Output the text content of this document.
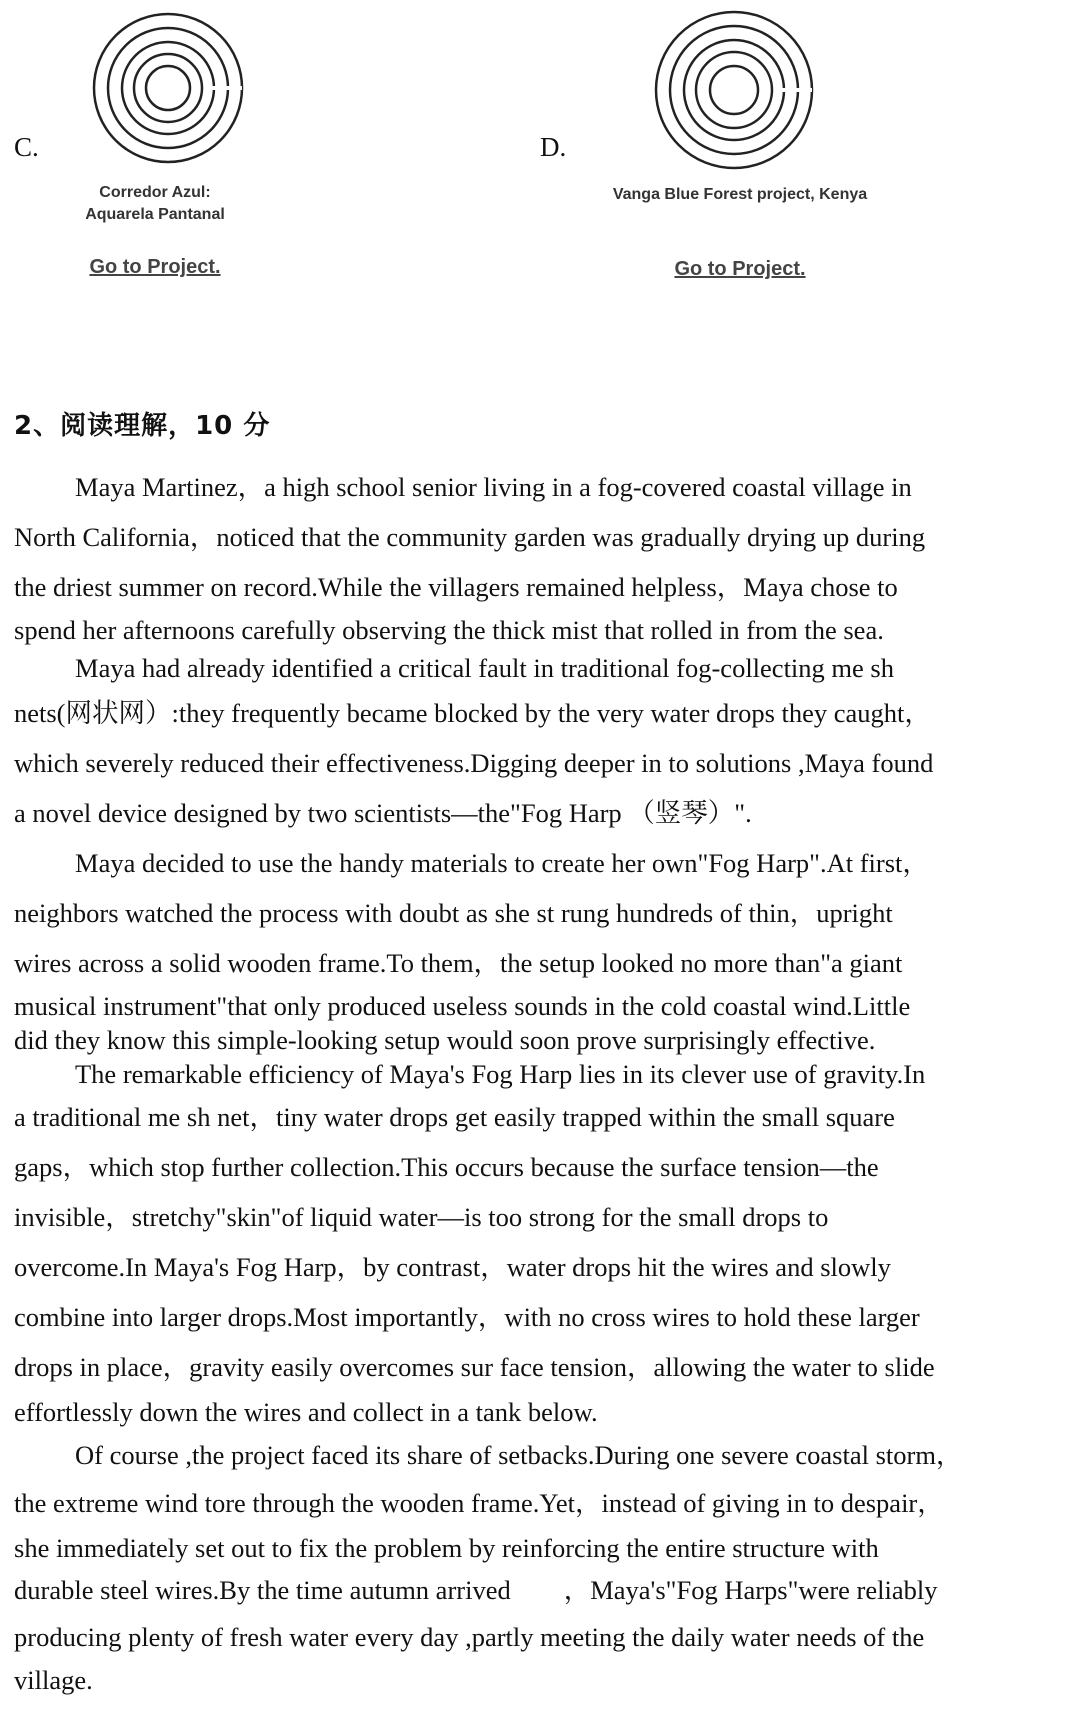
C.
Corredor Azul:
Aquarela Pantanal
Go to Project.
D.
Vanga Blue Forest project, Kenya
Go to Project.
2、阅读理解，10 分
Maya Martinez，a high school senior living in a fog-covered coastal village in
North California，noticed that the community garden was gradually drying up during
the driest summer on record.While the villagers remained helpless，Maya chose to
spend her afternoons carefully observing the thick mist that rolled in from the sea.
Maya had already identified a critical fault in traditional fog-collecting me sh
nets(网状网）:they frequently became blocked by the very water drops they caught，
which severely reduced their effectiveness.Digging deeper in to solutions ,Maya found
a novel device designed by two scientists—the"Fog Harp （竖琴）".
Maya decided to use the handy materials to create her own"Fog Harp".At first，
neighbors watched the process with doubt as she st rung hundreds of thin，upright
wires across a solid wooden frame.To them，the setup looked no more than"a giant
musical instrument"that only produced useless sounds in the cold coastal wind.Little
did they know this simple-looking setup would soon prove surprisingly effective.
The remarkable efficiency of Maya's Fog Harp lies in its clever use of gravity.In
a traditional me sh net，tiny water drops get easily trapped within the small square
gaps，which stop further collection.This occurs because the surface tension—the
invisible，stretchy"skin"of liquid water—is too strong for the small drops to
overcome.In Maya's Fog Harp，by contrast，water drops hit the wires and slowly
combine into larger drops.Most importantly，with no cross wires to hold these larger
drops in place，gravity easily overcomes sur face tension，allowing the water to slide
effortlessly down the wires and collect in a tank below.
Of course ,the project faced its share of setbacks.During one severe coastal storm，
the extreme wind tore through the wooden frame.Yet，instead of giving in to despair，
she immediately set out to fix the problem by reinforcing the entire structure with
durable steel wires.By the time autumn arrived　　，Maya's"Fog Harps"were reliably
producing plenty of fresh water every day ,partly meeting the daily water needs of the
village.
